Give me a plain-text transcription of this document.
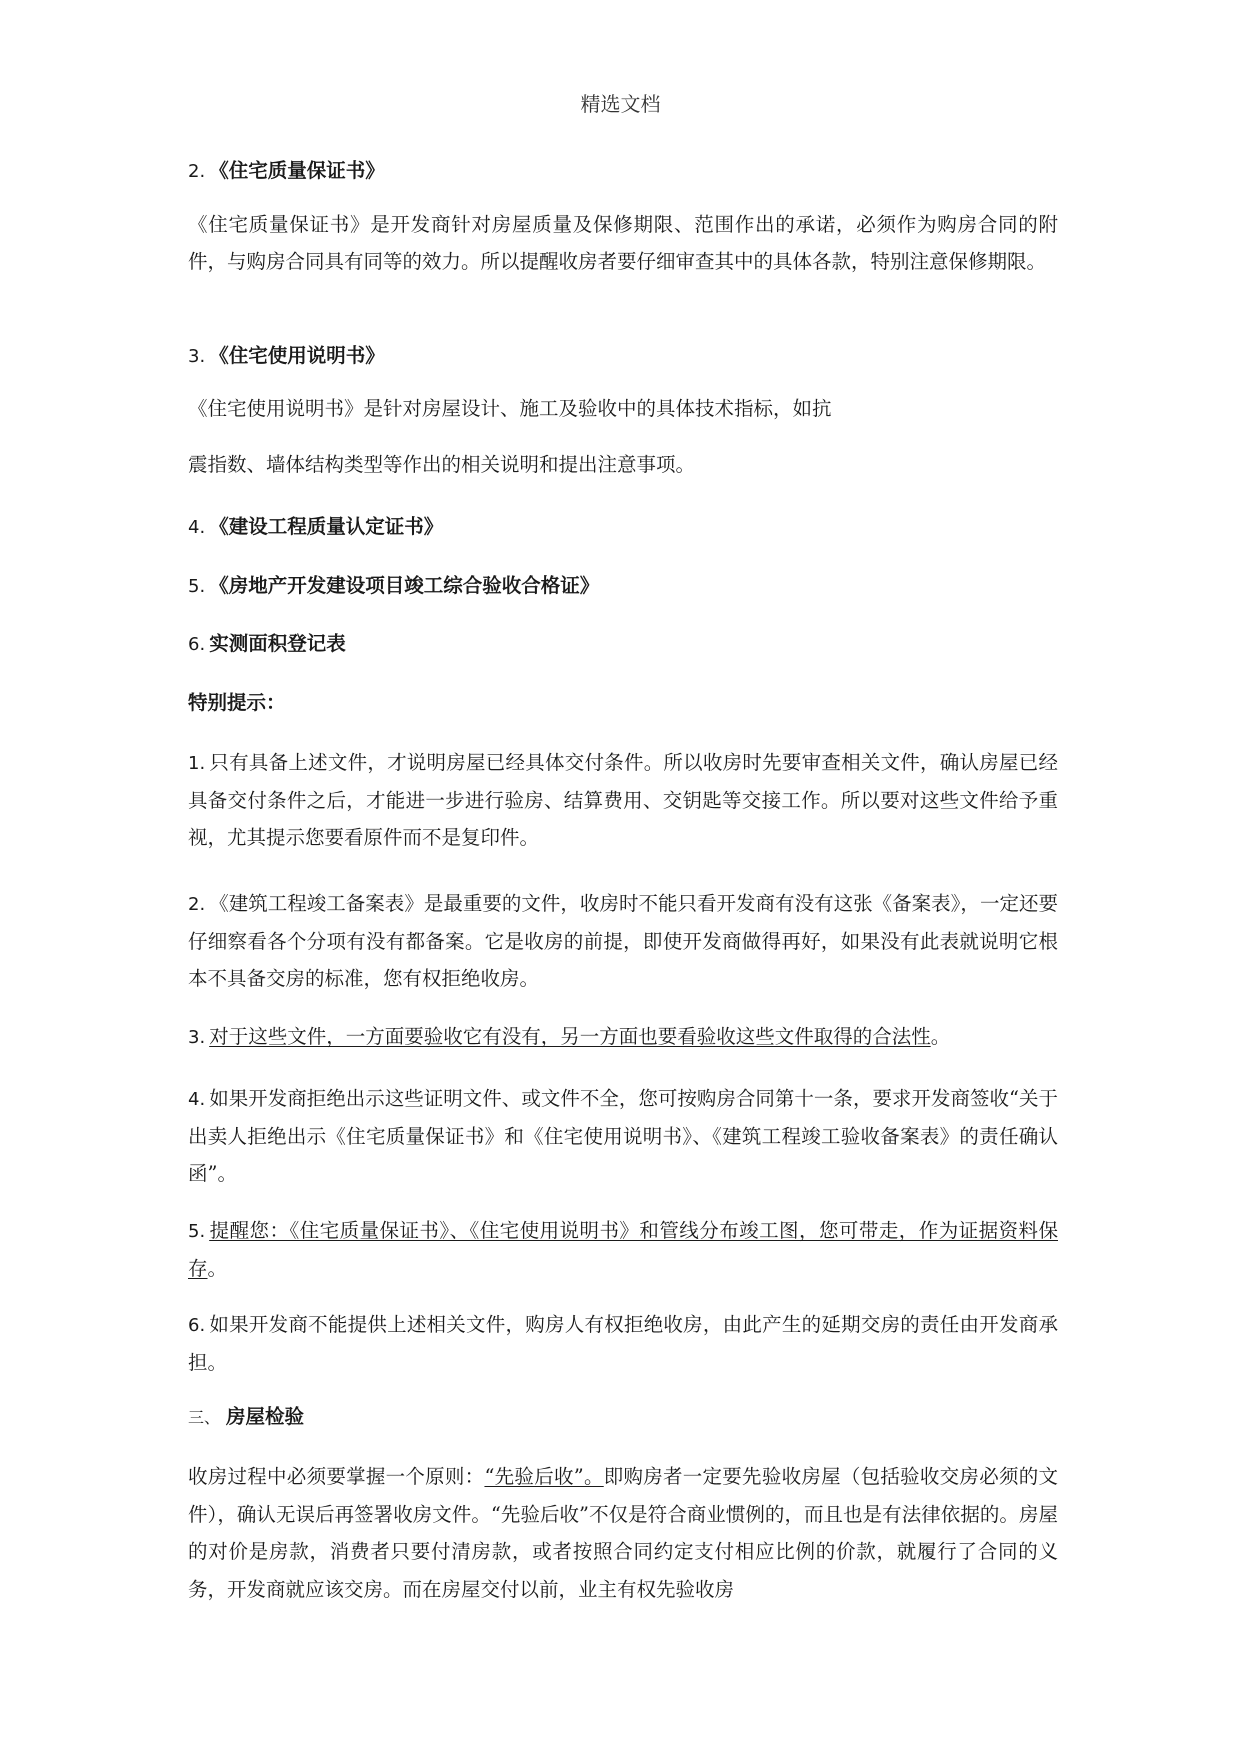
精选文档
2. 《住宅质量保证书》
《住宅质量保证书》是开发商针对房屋质量及保修期限、范围作出的承诺，必须作为购房合同的附件，与购房合同具有同等的效力。所以提醒收房者要仔细审查其中的具体各款，特别注意保修期限。
3. 《住宅使用说明书》
《住宅使用说明书》是针对房屋设计、施工及验收中的具体技术指标，如抗
震指数、墙体结构类型等作出的相关说明和提出注意事项。
4. 《建设工程质量认定证书》
5. 《房地产开发建设项目竣工综合验收合格证》
6. 实测面积登记表
特别提示：
1. 只有具备上述文件，才说明房屋已经具体交付条件。所以收房时先要审查相关文件，确认房屋已经具备交付条件之后，才能进一步进行验房、结算费用、交钥匙等交接工作。所以要对这些文件给予重视，尤其提示您要看原件而不是复印件。
2. 《建筑工程竣工备案表》是最重要的文件，收房时不能只看开发商有没有这张《备案表》，一定还要仔细察看各个分项有没有都备案。它是收房的前提，即使开发商做得再好，如果没有此表就说明它根本不具备交房的标准，您有权拒绝收房。
3. 对于这些文件，一方面要验收它有没有，另一方面也要看验收这些文件取得的合法性。
4. 如果开发商拒绝出示这些证明文件、或文件不全，您可按购房合同第十一条，要求开发商签收“关于出卖人拒绝出示《住宅质量保证书》和《住宅使用说明书》、《建筑工程竣工验收备案表》的责任确认函”。
5. 提醒您：《住宅质量保证书》、《住宅使用说明书》和管线分布竣工图，您可带走，作为证据资料保存。
6. 如果开发商不能提供上述相关文件，购房人有权拒绝收房，由此产生的延期交房的责任由开发商承担。
三、 房屋检验
收房过程中必须要掌握一个原则：“先验后收”。即购房者一定要先验收房屋（包括验收交房必须的文件），确认无误后再签署收房文件。“先验后收”不仅是符合商业惯例的，而且也是有法律依据的。房屋的对价是房款，消费者只要付清房款，或者按照合同约定支付相应比例的价款，就履行了合同的义务，开发商就应该交房。而在房屋交付以前，业主有权先验收房
